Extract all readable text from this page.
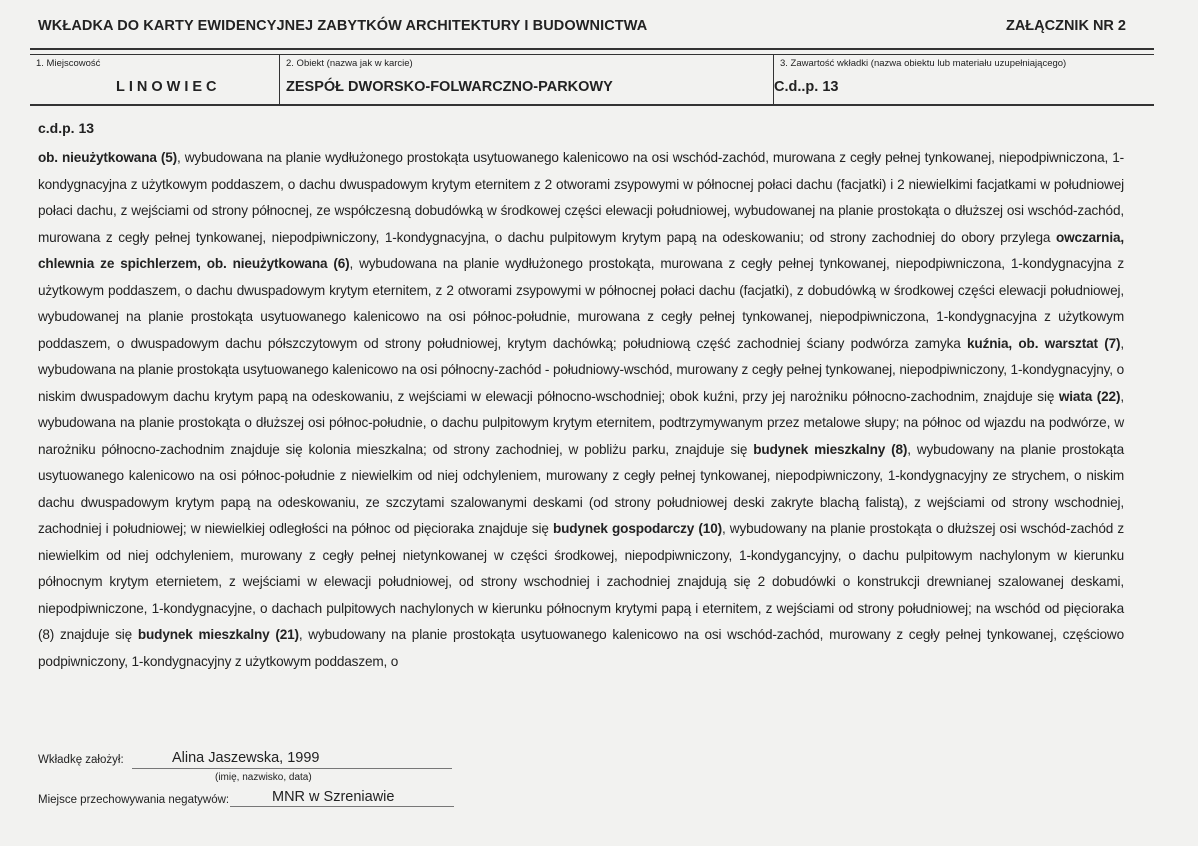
WKŁADKA DO KARTY EWIDENCYJNEJ ZABYTKÓW ARCHITEKTURY I BUDOWNICTWA	ZAŁĄCZNIK NR 2
1. Miejscowość
LINOWIEC
2. Obiekt (nazwa jak w karcie)
ZESPÓŁ DWORSKO-FOLWARCZNO-PARKOWY
3. Zawartość wkładki (nazwa obiektu lub materiału uzupełniającego)
C.d..p. 13
c.d.p. 13
ob. nieużytkowana (5), wybudowana na planie wydłużonego prostokąta usytuowanego kalenicowo na osi wschód-zachód, murowana z cegły pełnej tynkowanej, niepodpiwniczona, 1-kondygnacyjna z użytkowym poddaszem, o dachu dwuspadowym krytym eternitem z 2 otworami zsypowymi w północnej połaci dachu (facjatki) i 2 niewielkimi facjatkami w południowej połaci dachu, z wejściami od strony północnej, ze współczesną dobudówką w środkowej części elewacji południowej, wybudowanej na planie prostokąta o dłuższej osi wschód-zachód, murowana z cegły pełnej tynkowanej, niepodpiwniczony, 1-kondygnacyjna, o dachu pulpitowym krytym papą na odeskowaniu; od strony zachodniej do obory przylega owczarnia, chlewnia ze spichlerzem, ob. nieużytkowana (6), wybudowana na planie wydłużonego prostokąta, murowana z cegły pełnej tynkowanej, niepodpiwniczona, 1-kondygnacyjna z użytkowym poddaszem, o dachu dwuspadowym krytym eternitem, z 2 otworami zsypowymi w północnej połaci dachu (facjatki), z dobudówką w środkowej części elewacji południowej, wybudowanej na planie prostokąta usytuowanego kalenicowo na osi północ-południe, murowana z cegły pełnej tynkowanej, niepodpiwniczona, 1-kondygnacyjna z użytkowym poddaszem, o dwuspadowym dachu półszczytowym od strony południowej, krytym dachówką; południową część zachodniej ściany podwórza zamyka kuźnia, ob. warsztat (7), wybudowana na planie prostokąta usytuowanego kalenicowo na osi północny-zachód - południowy-wschód, murowany z cegły pełnej tynkowanej, niepodpiwniczony, 1-kondygnacyjny, o niskim dwuspadowym dachu krytym papą na odeskowaniu, z wejściami w elewacji północno-wschodniej; obok kuźni, przy jej narożniku północno-zachodnim, znajduje się wiata (22), wybudowana na planie prostokąta o dłuższej osi północ-południe, o dachu pulpitowym krytym eternitem, podtrzymywanym przez metalowe słupy; na północ od wjazdu na podwórze, w narożniku północno-zachodnim znajduje się kolonia mieszkalna; od strony zachodniej, w pobliżu parku, znajduje się budynek mieszkalny (8), wybudowany na planie prostokąta usytuowanego kalenicowo na osi północ-południe z niewielkim od niej odchyleniem, murowany z cegły pełnej tynkowanej, niepodpiwniczony, 1-kondygnacyjny ze strychem, o niskim dachu dwuspadowym krytym papą na odeskowaniu, ze szczytami szalowanymi deskami (od strony południowej deski zakryte blachą falistą), z wejściami od strony wschodniej, zachodniej i południowej; w niewielkiej odległości na północ od pięcioraka znajduje się budynek gospodarczy (10), wybudowany na planie prostokąta o dłuższej osi wschód-zachód z niewielkim od niej odchyleniem, murowany z cegły pełnej nietynkowanej w części środkowej, niepodpiwniczony, 1-kondygancyjny, o dachu pulpitowym nachylonym w kierunku północnym krytym eternietem, z wejściami w elewacji południowej, od strony wschodniej i zachodniej znajdują się 2 dobudówki o konstrukcji drewnianej szalowanej deskami, niepodpiwniczone, 1-kondygnacyjne, o dachach pulpitowych nachylonych w kierunku północnym krytymi papą i eternitem, z wejściami od strony południowej; na wschód od pięcioraka (8) znajduje się budynek mieszkalny (21), wybudowany na planie prostokąta usytuowanego kalenicowo na osi wschód-zachód, murowany z cegły pełnej tynkowanej, częściowo podpiwniczony, 1-kondygnacyjny z użytkowym poddaszem, o
Wkładkę założył:	Alina Jaszewska, 1999
(imię, nazwisko, data)
Miejsce przechowywania negatywów:	MNR w Szreniawie
